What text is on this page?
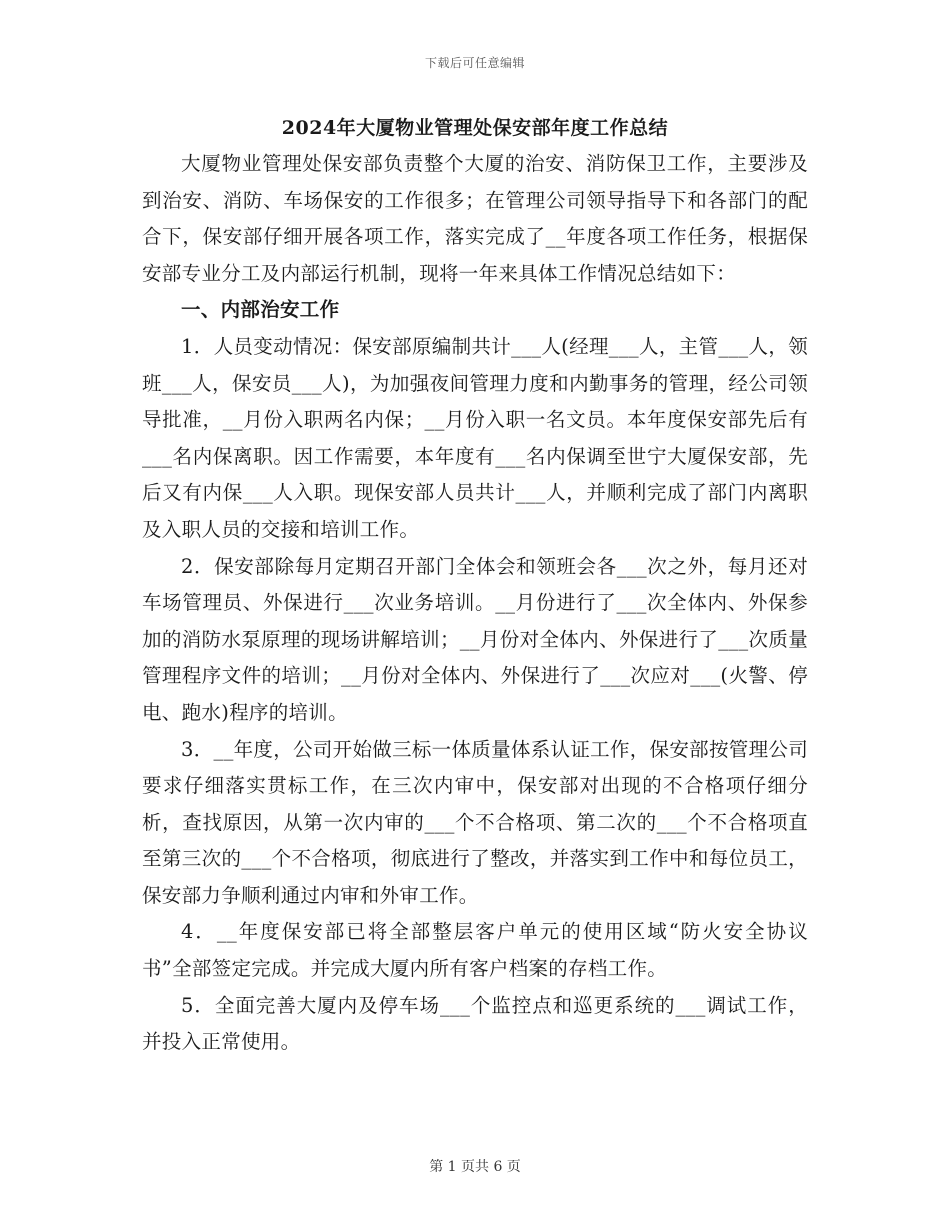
下载后可任意编辑
2024年大厦物业管理处保安部年度工作总结

大厦物业管理处保安部负责整个大厦的治安、消防保卫工作，主要涉及到治安、消防、车场保安的工作很多；在管理公司领导指导下和各部门的配合下，保安部仔细开展各项工作，落实完成了__年度各项工作任务，根据保安部专业分工及内部运行机制，现将一年来具体工作情况总结如下：

一、内部治安工作

1．人员变动情况：保安部原编制共计___人(经理___人，主管___人，领班___人，保安员___人)，为加强夜间管理力度和内勤事务的管理，经公司领导批准，__月份入职两名内保；__月份入职一名文员。本年度保安部先后有___名内保离职。因工作需要，本年度有___名内保调至世宁大厦保安部，先后又有内保___人入职。现保安部人员共计___人，并顺利完成了部门内离职及入职人员的交接和培训工作。

2．保安部除每月定期召开部门全体会和领班会各___次之外，每月还对车场管理员、外保进行___次业务培训。__月份进行了___次全体内、外保参加的消防水泵原理的现场讲解培训；__月份对全体内、外保进行了___次质量管理程序文件的培训；__月份对全体内、外保进行了___次应对___(火警、停电、跑水)程序的培训。

3．__年度，公司开始做三标一体质量体系认证工作，保安部按管理公司要求仔细落实贯标工作，在三次内审中，保安部对出现的不合格项仔细分析，查找原因，从第一次内审的___个不合格项、第二次的___个不合格项直至第三次的___个不合格项，彻底进行了整改，并落实到工作中和每位员工，保安部力争顺利通过内审和外审工作。

4．__年度保安部已将全部整层客户单元的使用区域“防火安全协议书”全部签定完成。并完成大厦内所有客户档案的存档工作。

5．全面完善大厦内及停车场___个监控点和巡更系统的___调试工作，并投入正常使用。

第 1 页共 6 页
